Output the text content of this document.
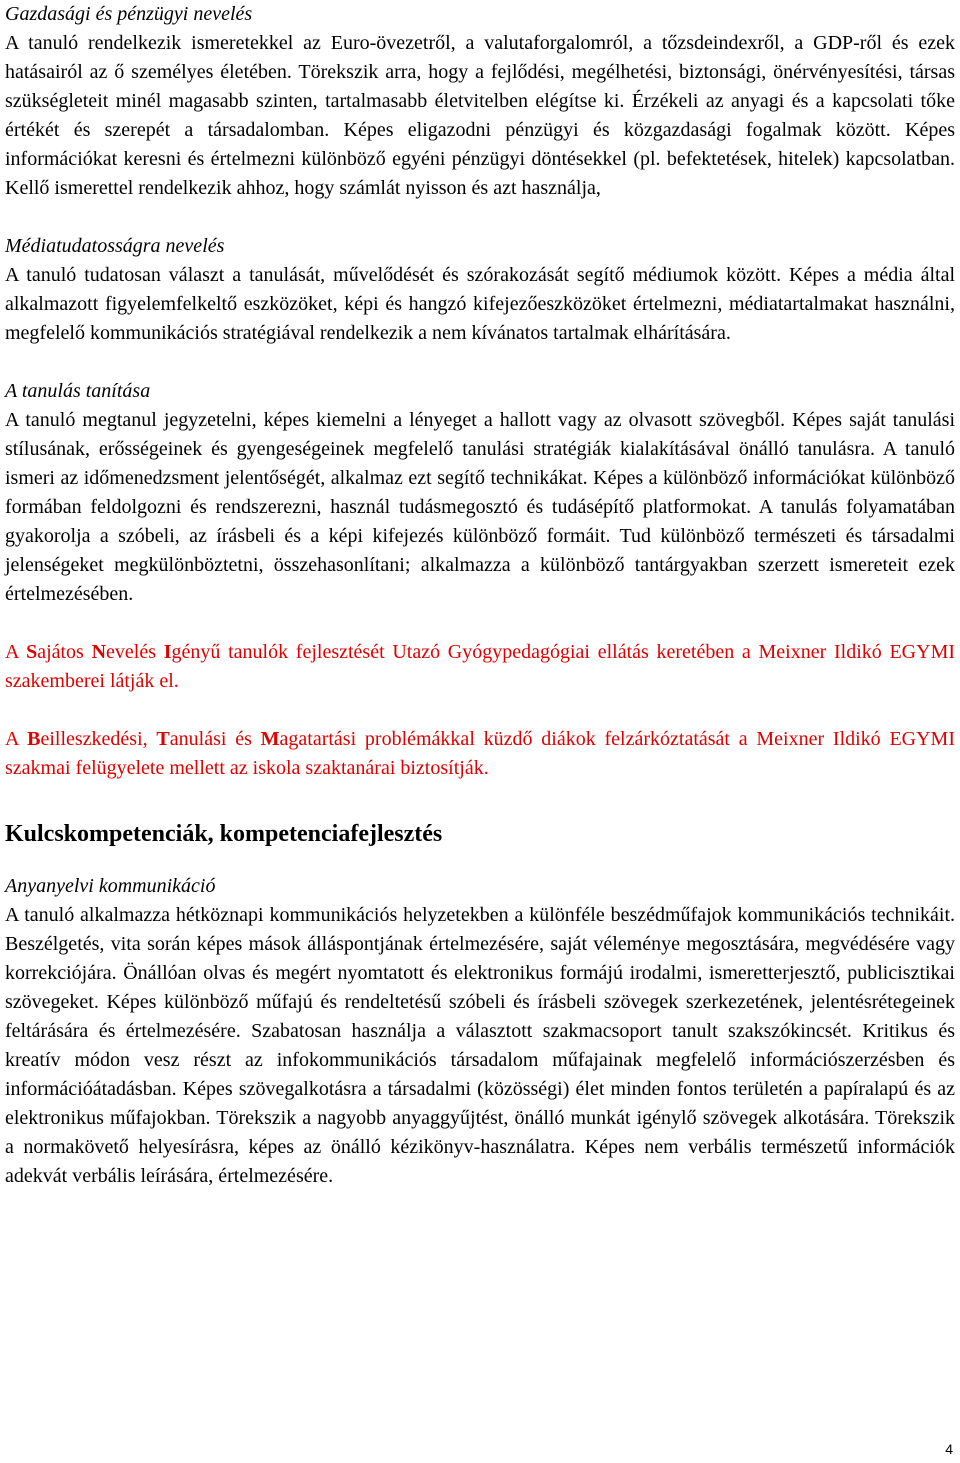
Gazdasági és pénzügyi nevelés

A tanuló rendelkezik ismeretekkel az Euro-övezetről, a valutaforgalomról, a tőzsdeindexről, a GDP-ről és ezek hatásairól az ő személyes életében. Törekszik arra, hogy a fejlődési, megélhetési, biztonsági, önérvényesítési, társas szükségleteit minél magasabb szinten, tartalmasabb életvitelben elégítse ki. Érzékeli az anyagi és a kapcsolati tőke értékét és szerepét a társadalomban. Képes eligazodni pénzügyi és közgazdasági fogalmak között. Képes információkat keresni és értelmezni különböző egyéni pénzügyi döntésekkel (pl. befektetések, hitelek) kapcsolatban. Kellő ismerettel rendelkezik ahhoz, hogy számlát nyisson és azt használja,

Médiatudatosságra nevelés

A tanuló tudatosan választ a tanulását, művelődését és szórakozását segítő médiumok között. Képes a média által alkalmazott figyelemfelkeltő eszközöket, képi és hangzó kifejezőeszközöket értelmezni, médiatartalmakat használni, megfelelő kommunikációs stratégiával rendelkezik a nem kívánatos tartalmak elhárítására.

A tanulás tanítása

A tanuló megtanul jegyzetelni, képes kiemelni a lényeget a hallott vagy az olvasott szövegből. Képes saját tanulási stílusának, erősségeinek és gyengeségeinek megfelelő tanulási stratégiák kialakításával önálló tanulásra. A tanuló ismeri az időmenedzsment jelentőségét, alkalmaz ezt segítő technikákat. Képes a különböző információkat különböző formában feldolgozni és rendszerezni, használ tudásmegosztó és tudásépítő platformokat. A tanulás folyamatában gyakorolja a szóbeli, az írásbeli és a képi kifejezés különböző formáit. Tud különböző természeti és társadalmi jelenségeket megkülönböztetni, összehasonlítani; alkalmazza a különböző tantárgyakban szerzett ismereteit ezek értelmezésében.

A Sajátos Nevelés Igényű tanulók fejlesztését Utazó Gyógypedagógiai ellátás keretében a Meixner Ildikó EGYMI szakemberei látják el.

A Beilleszkedési, Tanulási és Magatartási problémákkal küzdő diákok felzárkóztatását a Meixner Ildikó EGYMI szakmai felügyelete mellett az iskola szaktanárai biztosítják.

Kulcskompetenciák, kompetenciafejlesztés
Anyanyelvi kommunikáció

A tanuló alkalmazza hétköznapi kommunikációs helyzetekben a különféle beszédműfajok kommunikációs technikáit. Beszélgetés, vita során képes mások álláspontjának értelmezésére, saját véleménye megosztására, megvédésére vagy korrekciójára. Önállóan olvas és megért nyomtatott és elektronikus formájú irodalmi, ismeretterjesztő, publicisztikai szövegeket. Képes különböző műfajú és rendeltetésű szóbeli és írásbeli szövegek szerkezetének, jelentésrétegeinek feltárására és értelmezésére. Szabatosan használja a választott szakmacsoport tanult szakszókincsét. Kritikus és kreatív módon vesz részt az infokommunikációs társadalom műfajainak megfelelő információszerzésben és információátadásban. Képes szövegalkotásra a társadalmi (közösségi) élet minden fontos területén a papíralapú és az elektronikus műfajokban. Törekszik a nagyobb anyaggyűjtést, önálló munkát igénylő szövegek alkotására. Törekszik a normakövető helyesírásra, képes az önálló kézikönyv-használatra. Képes nem verbális természetű információk adekvát verbális leírására, értelmezésére.

4
